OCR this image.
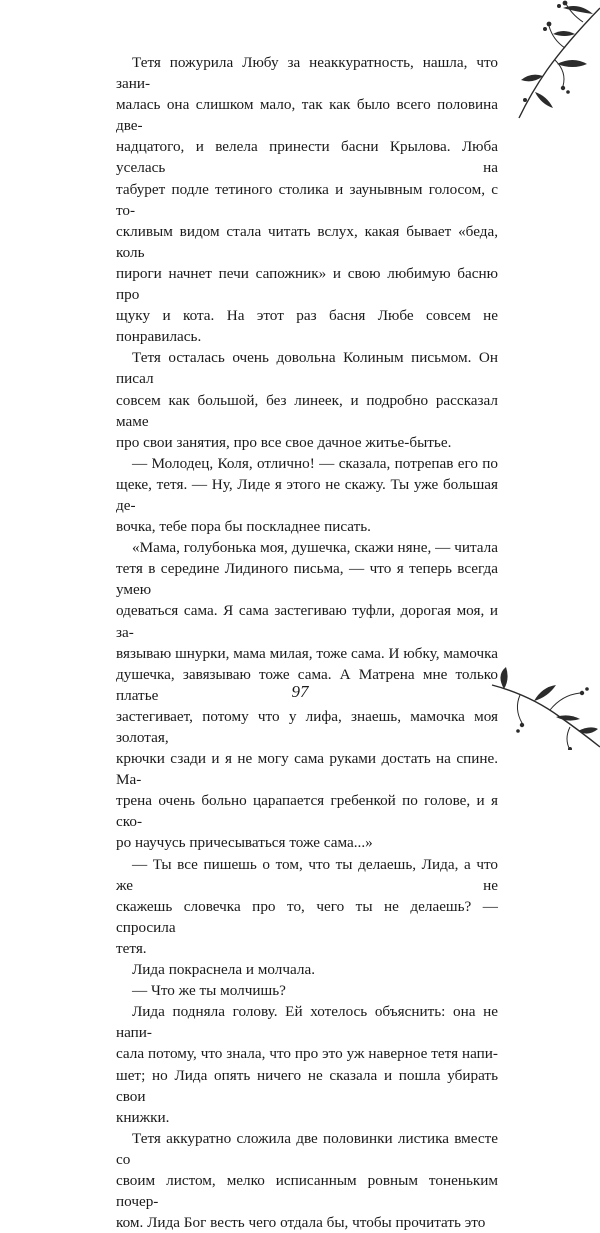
Тетя пожурила Любу за неаккуратность, нашла, что зани-
малась она слишком мало, так как было всего половина две-
надцатого, и велела принести басни Крылова. Люба уселась на
табурет подле тетиного столика и заунывным голосом, с то-
скливым видом стала читать вслух, какая бывает «беда, коль
пироги начнет печи сапожник» и свою любимую басню про
щуку и кота. На этот раз басня Любе совсем не понравилась.
Тетя осталась очень довольна Колиным письмом. Он писал
совсем как большой, без линеек, и подробно рассказал маме
про свои занятия, про все свое дачное житье-бытье.
— Молодец, Коля, отлично! — сказала, потрепав его по
щеке, тетя. — Ну, Лиде я этого не скажу. Ты уже большая де-
вочка, тебе пора бы поскладнее писать.
«Мама, голубонька моя, душечка, скажи няне, — читала
тетя в середине Лидиного письма, — что я теперь всегда умею
одеваться сама. Я сама застегиваю туфли, дорогая моя, и за-
вязываю шнурки, мама милая, тоже сама. И юбку, мамочка
душечка, завязываю тоже сама. А Матрена мне только платье
застегивает, потому что у лифа, знаешь, мамочка моя золотая,
крючки сзади и я не могу сама руками достать на спине. Ма-
трена очень больно царапается гребенкой по голове, и я ско-
ро научусь причесываться тоже сама...»
— Ты все пишешь о том, что ты делаешь, Лида, а что же не
скажешь словечка про то, чего ты не делаешь? — спросила
тетя.
Лида покраснела и молчала.
— Что же ты молчишь?
Лида подняла голову. Ей хотелось объяснить: она не напи-
сала потому, что знала, что про это уж наверное тетя напи-
шет; но Лида опять ничего не сказала и пошла убирать свои
книжки.
Тетя аккуратно сложила две половинки листика вместе со
своим листом, мелко исписанным ровным тоненьким почер-
ком. Лида Бог весть чего отдала бы, чтобы прочитать это
97
